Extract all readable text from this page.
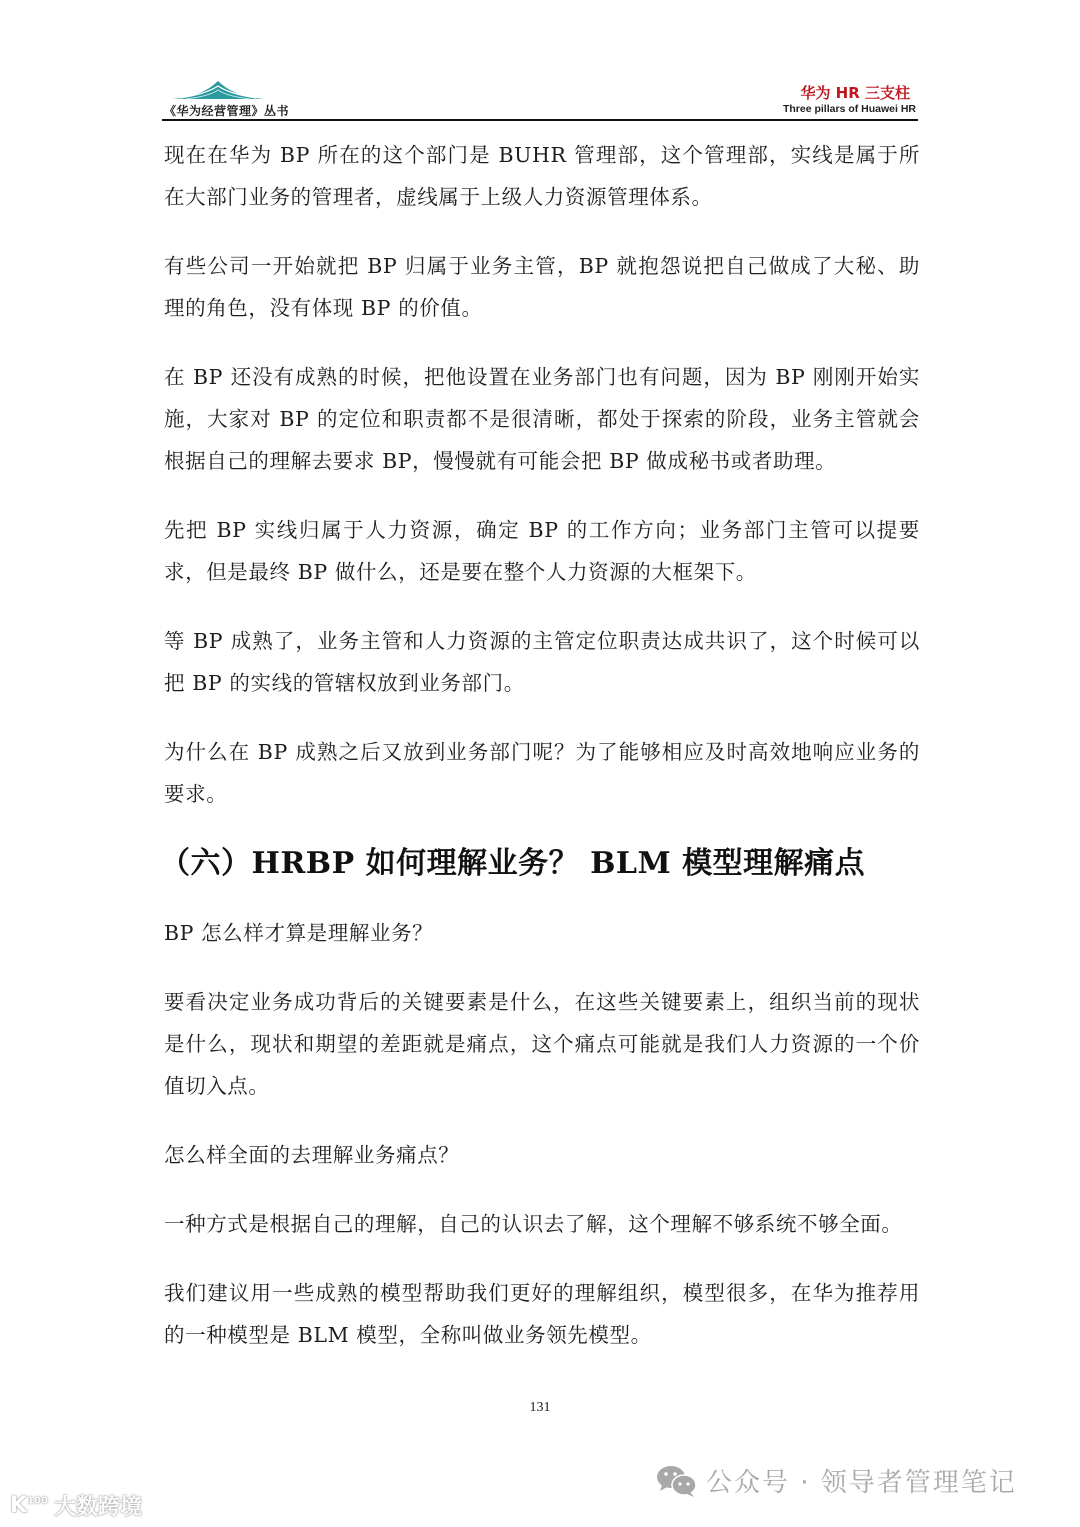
《华为经营管理》丛书
华为 HR 三支柱
Three pillars of Huawei HR

现在在华为 BP 所在的这个部门是 BUHR 管理部，这个管理部，实线是属于所在大部门业务的管理者，虚线属于上级人力资源管理体系。

有些公司一开始就把 BP 归属于业务主管，BP 就抱怨说把自己做成了大秘、助理的角色，没有体现 BP 的价值。

在 BP 还没有成熟的时候，把他设置在业务部门也有问题，因为 BP 刚刚开始实施，大家对 BP 的定位和职责都不是很清晰，都处于探索的阶段，业务主管就会根据自己的理解去要求 BP，慢慢就有可能会把 BP 做成秘书或者助理。

先把 BP 实线归属于人力资源，确定 BP 的工作方向；业务部门主管可以提要求，但是最终 BP 做什么，还是要在整个人力资源的大框架下。

等 BP 成熟了，业务主管和人力资源的主管定位职责达成共识了，这个时候可以把 BP 的实线的管辖权放到业务部门。

为什么在 BP 成熟之后又放到业务部门呢？为了能够相应及时高效地响应业务的要求。

（六）HRBP 如何理解业务？ BLM 模型理解痛点

BP 怎么样才算是理解业务？

要看决定业务成功背后的关键要素是什么，在这些关键要素上，组织当前的现状是什么，现状和期望的差距就是痛点，这个痛点可能就是我们人力资源的一个价值切入点。

怎么样全面的去理解业务痛点？

一种方式是根据自己的理解，自己的认识去了解，这个理解不够系统不够全面。

我们建议用一些成熟的模型帮助我们更好的理解组织，模型很多，在华为推荐用的一种模型是 BLM 模型，全称叫做业务领先模型。

131
$K^{100}$ 大数跨境
公众号 · 领导者管理笔记
